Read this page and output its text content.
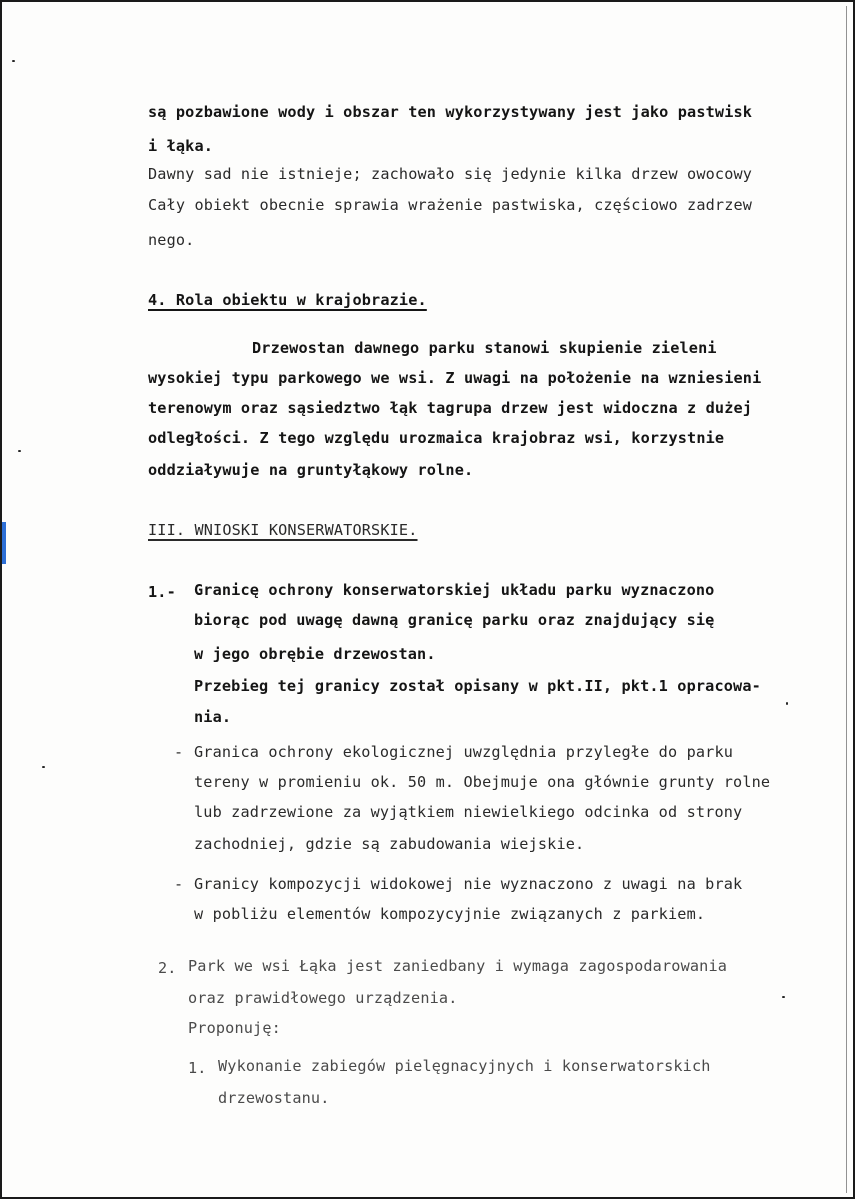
są pozbawione wody i obszar ten wykorzystywany jest jako pastwisk
i łąka.
Dawny sad nie istnieje; zachowało się jedynie kilka drzew owocowy
Cały obiekt obecnie sprawia wrażenie pastwiska, częściowo zadrzew
nego.
4. Rola obiektu w krajobrazie.
Drzewostan dawnego parku stanowi skupienie zieleni
wysokiej typu parkowego we wsi. Z uwagi na położenie na wzniesieni
terenowym oraz sąsiedztwo łąk tagrupa drzew jest widoczna z dużej
odległości. Z tego względu urozmaica krajobraz wsi, korzystnie
oddziaływuje na gruntyłąkowy rolne.
III. WNIOSKI KONSERWATORSKIE.
1.- Granicę ochrony konserwatorskiej układu parku wyznaczono
biorąc pod uwagę dawną granicę parku oraz znajdujący się
w jego obrębie drzewostan.
Przebieg tej granicy został opisany w pkt.II, pkt.1 opracowa-
nia.
- Granica ochrony ekologicznej uwzględnia przyległe do parku
tereny w promieniu ok. 50 m. Obejmuje ona głównie grunty rolne
lub zadrzewione za wyjątkiem niewielkiego odcinka od strony
zachodniej, gdzie są zabudowania wiejskie.
- Granicy kompozycji widokowej nie wyznaczono z uwagi na brak
w pobliżu elementów kompozycyjnie związanych z parkiem.
2. Park we wsi Łąka jest zaniedbany i wymaga zagospodarowania
oraz prawidłowego urządzenia.
Proponuję:
1. Wykonanie zabiegów pielęgnacyjnych i konserwatorskich
drzewostanu.
